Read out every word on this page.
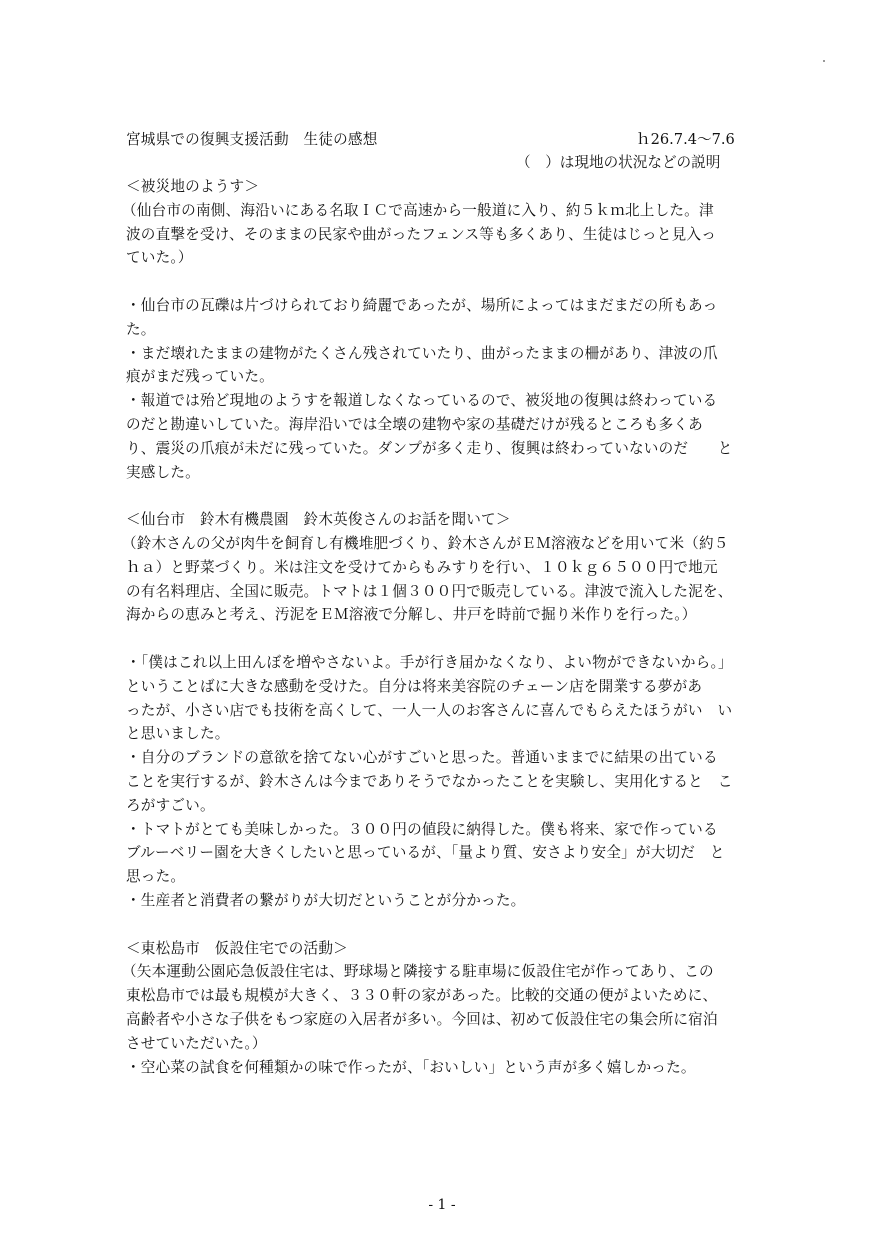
宮城県での復興支援活動　生徒の感想	ｈ26.7.4～7.6
（　）は現地の状況などの説明
＜被災地のようす＞
（仙台市の南側、海沿いにある名取ＩＣで高速から一般道に入り、約５ｋｍ北上した。津
波の直撃を受け、そのままの民家や曲がったフェンス等も多くあり、生徒はじっと見入っ
ていた。）
・仙台市の瓦礫は片づけられており綺麗であったが、場所によってはまだまだの所もあっ
た。
・まだ壊れたままの建物がたくさん残されていたり、曲がったままの柵があり、津波の爪
痕がまだ残っていた。
・報道では殆ど現地のようすを報道しなくなっているので、被災地の復興は終わっている
のだと勘違いしていた。海岸沿いでは全壊の建物や家の基礎だけが残るところも多くあ
り、震災の爪痕が未だに残っていた。ダンプが多く走り、復興は終わっていないのだ　　と
実感した。
＜仙台市　鈴木有機農園　鈴木英俊さんのお話を聞いて＞
（鈴木さんの父が肉牛を飼育し有機堆肥づくり、鈴木さんがＥＭ溶液などを用いて米（約５
ｈａ）と野菜づくり。米は注文を受けてからもみすりを行い、１０ｋｇ６５００円で地元
の有名料理店、全国に販売。トマトは１個３００円で販売している。津波で流入した泥を、
海からの恵みと考え、汚泥をＥＭ溶液で分解し、井戸を時前で掘り米作りを行った。）
・「僕はこれ以上田んぼを増やさないよ。手が行き届かなくなり、よい物ができないから。」
ということばに大きな感動を受けた。自分は将来美容院のチェーン店を開業する夢があ
ったが、小さい店でも技術を高くして、一人一人のお客さんに喜んでもらえたほうがい　い
と思いました。
・自分のブランドの意欲を捨てない心がすごいと思った。普通いままでに結果の出ている
ことを実行するが、鈴木さんは今までありそうでなかったことを実験し、実用化すると　こ
ろがすごい。
・トマトがとても美味しかった。３００円の値段に納得した。僕も将来、家で作っている
ブルーベリー園を大きくしたいと思っているが、「量より質、安さより安全」が大切だ　と
思った。
・生産者と消費者の繋がりが大切だということが分かった。
＜東松島市　仮設住宅での活動＞
（矢本運動公園応急仮設住宅は、野球場と隣接する駐車場に仮設住宅が作ってあり、この
東松島市では最も規模が大きく、３３０軒の家があった。比較的交通の便がよいために、
高齢者や小さな子供をもつ家庭の入居者が多い。今回は、初めて仮設住宅の集会所に宿泊
させていただいた。）
・空心菜の試食を何種類かの味で作ったが、「おいしい」という声が多く嬉しかった。
- 1 -
